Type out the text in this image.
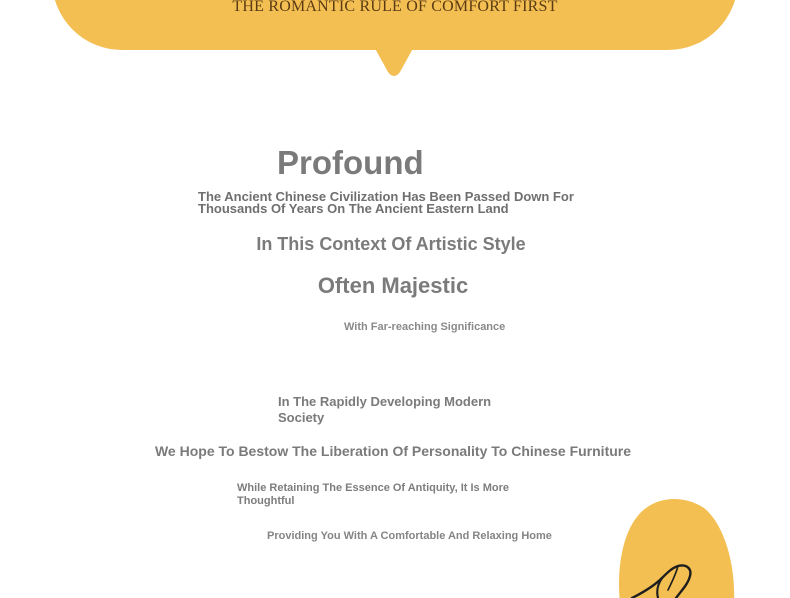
THE ROMANTIC RULE OF COMFORT FIRST
Profound
The Ancient Chinese Civilization Has Been Passed Down For Thousands Of Years On The Ancient Eastern Land
In This Context Of Artistic Style
Often Majestic
With Far-reaching Significance
In The Rapidly Developing Modern Society
We Hope To Bestow The Liberation Of Personality To Chinese Furniture
While Retaining The Essence Of Antiquity, It Is More Thoughtful
Providing You With A Comfortable And Relaxing Home
